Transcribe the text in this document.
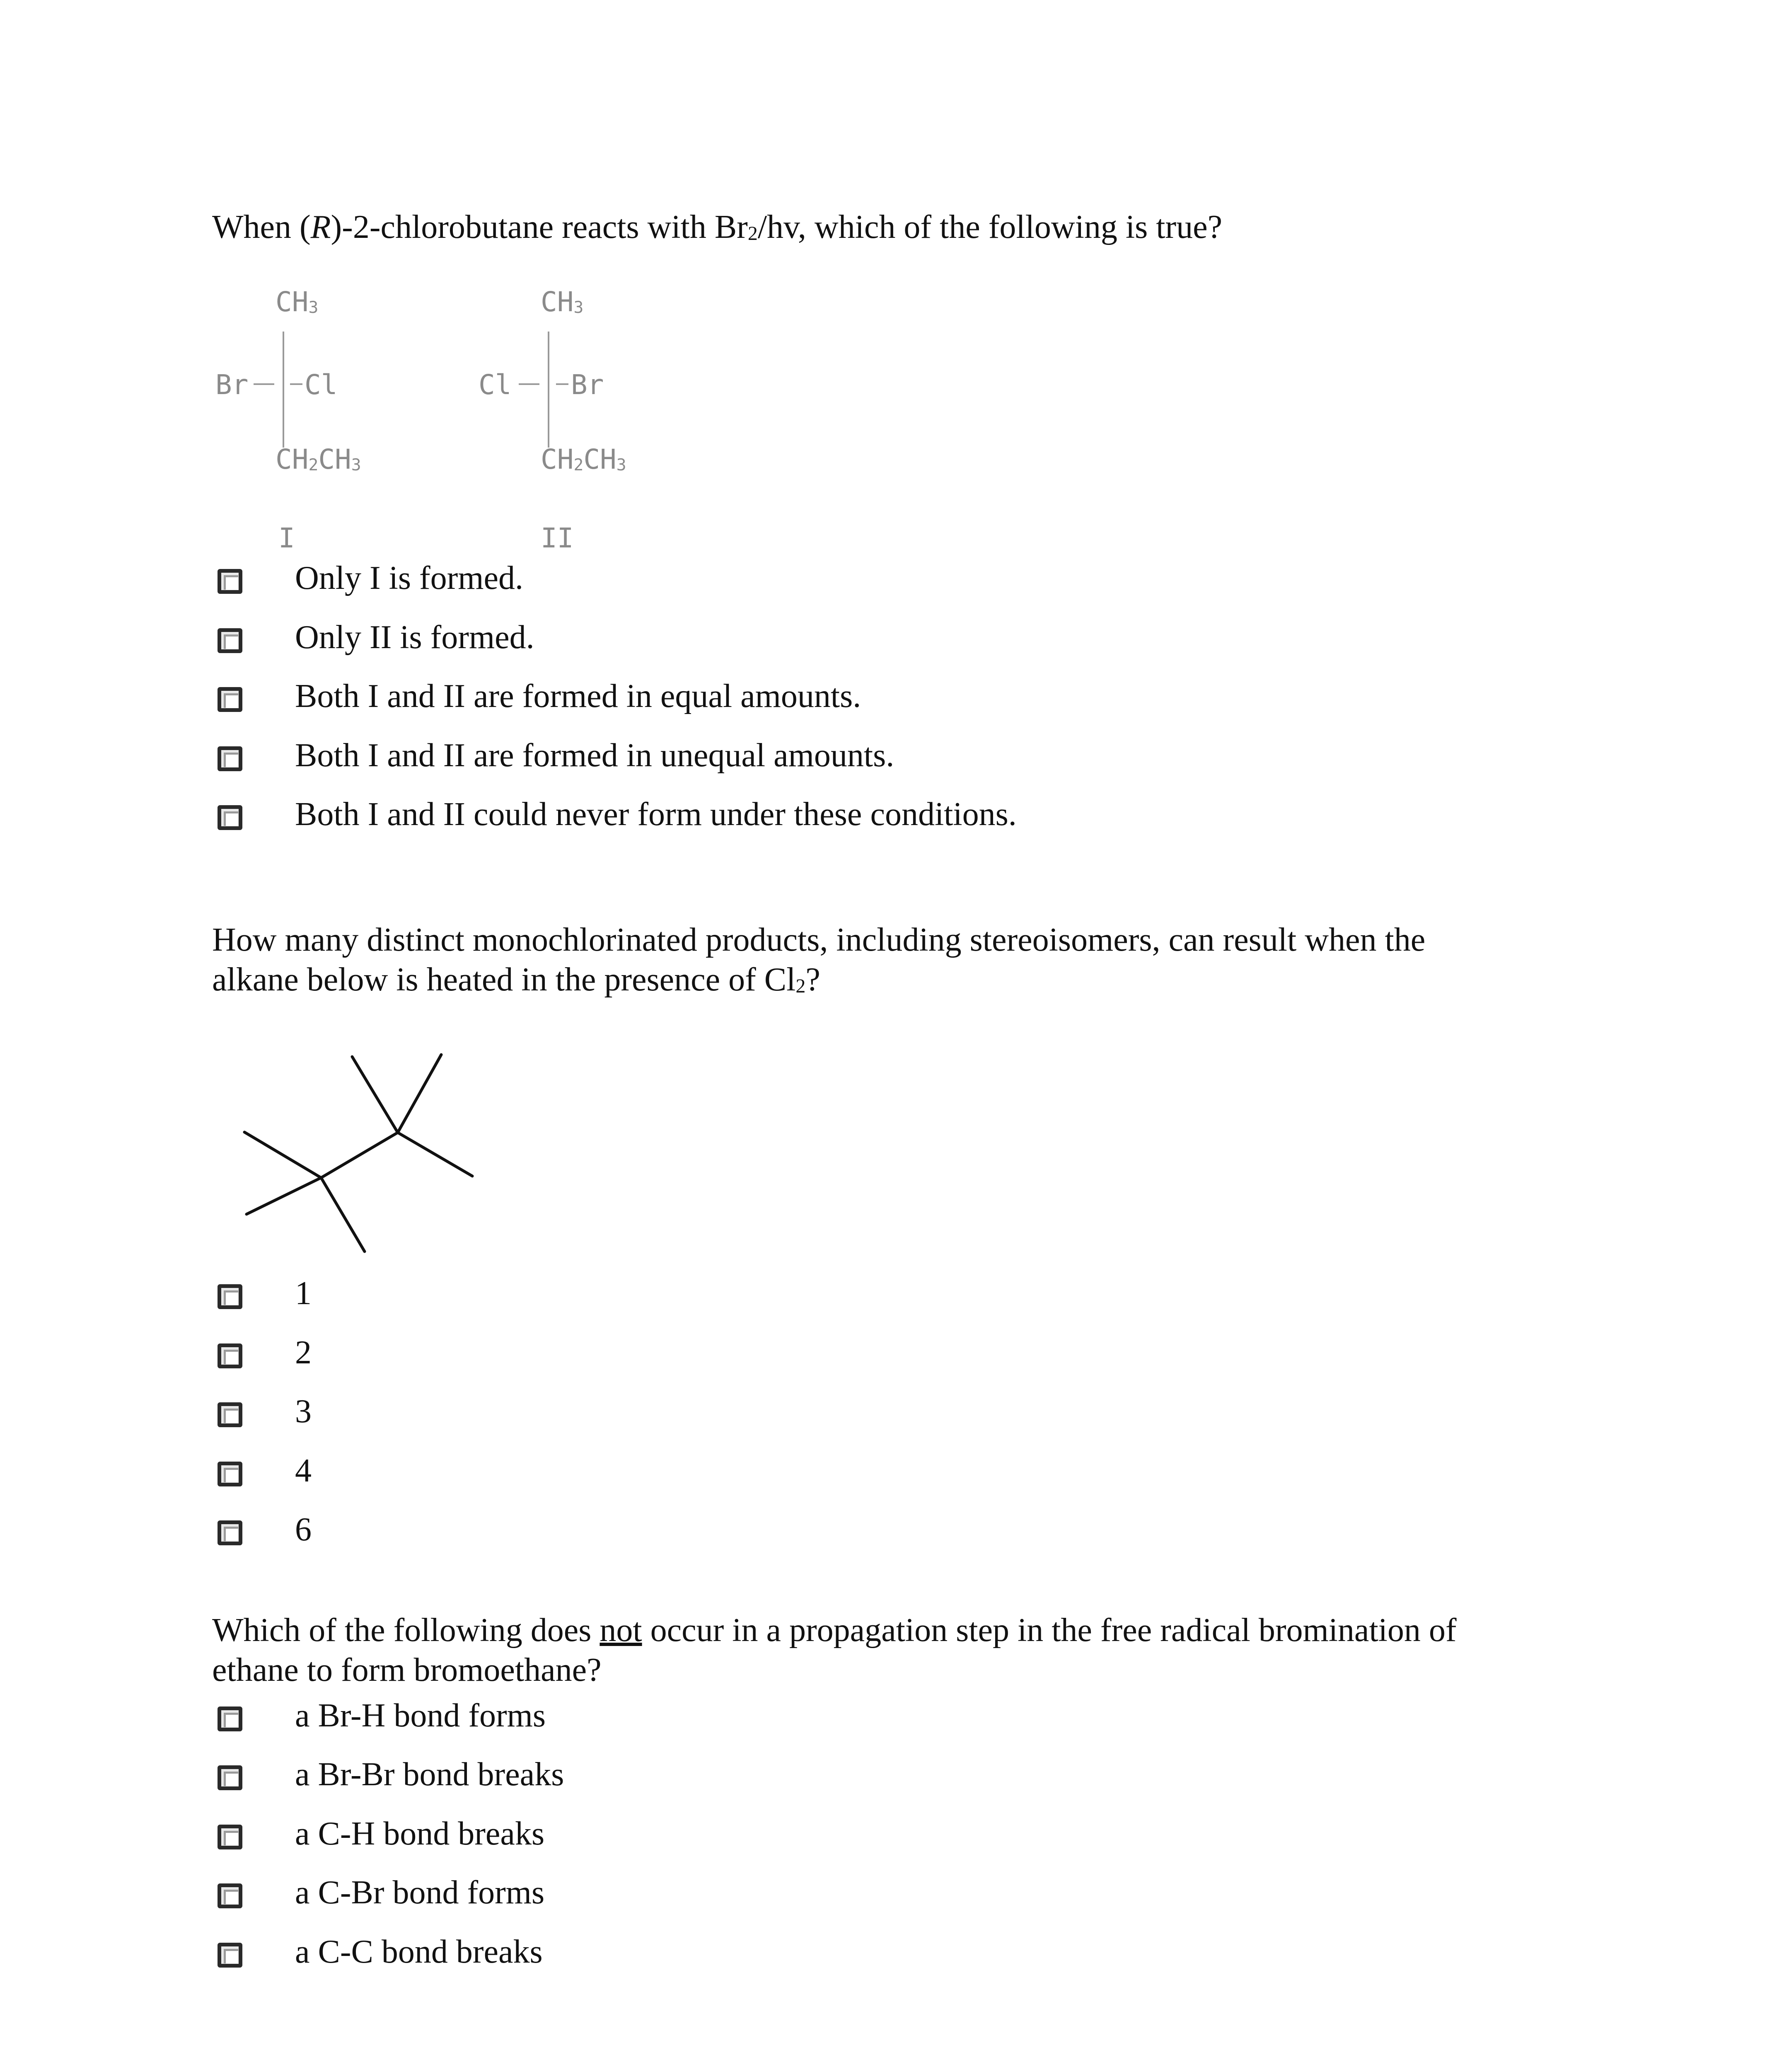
When (R)-2-chlorobutane reacts with Br2/hv, which of the following is true?
CH3
Br Cl
CH2CH3
I
CH3
Cl Br
CH2CH3
II
Only I is formed.
Only II is formed.
Both I and II are formed in equal amounts.
Both I and II are formed in unequal amounts.
Both I and II could never form under these conditions.
How many distinct monochlorinated products, including stereoisomers, can result when the
alkane below is heated in the presence of Cl2?
1
2
3
4
6
Which of the following does not occur in a propagation step in the free radical bromination of
ethane to form bromoethane?
a Br-H bond forms
a Br-Br bond breaks
a C-H bond breaks
a C-Br bond forms
a C-C bond breaks
